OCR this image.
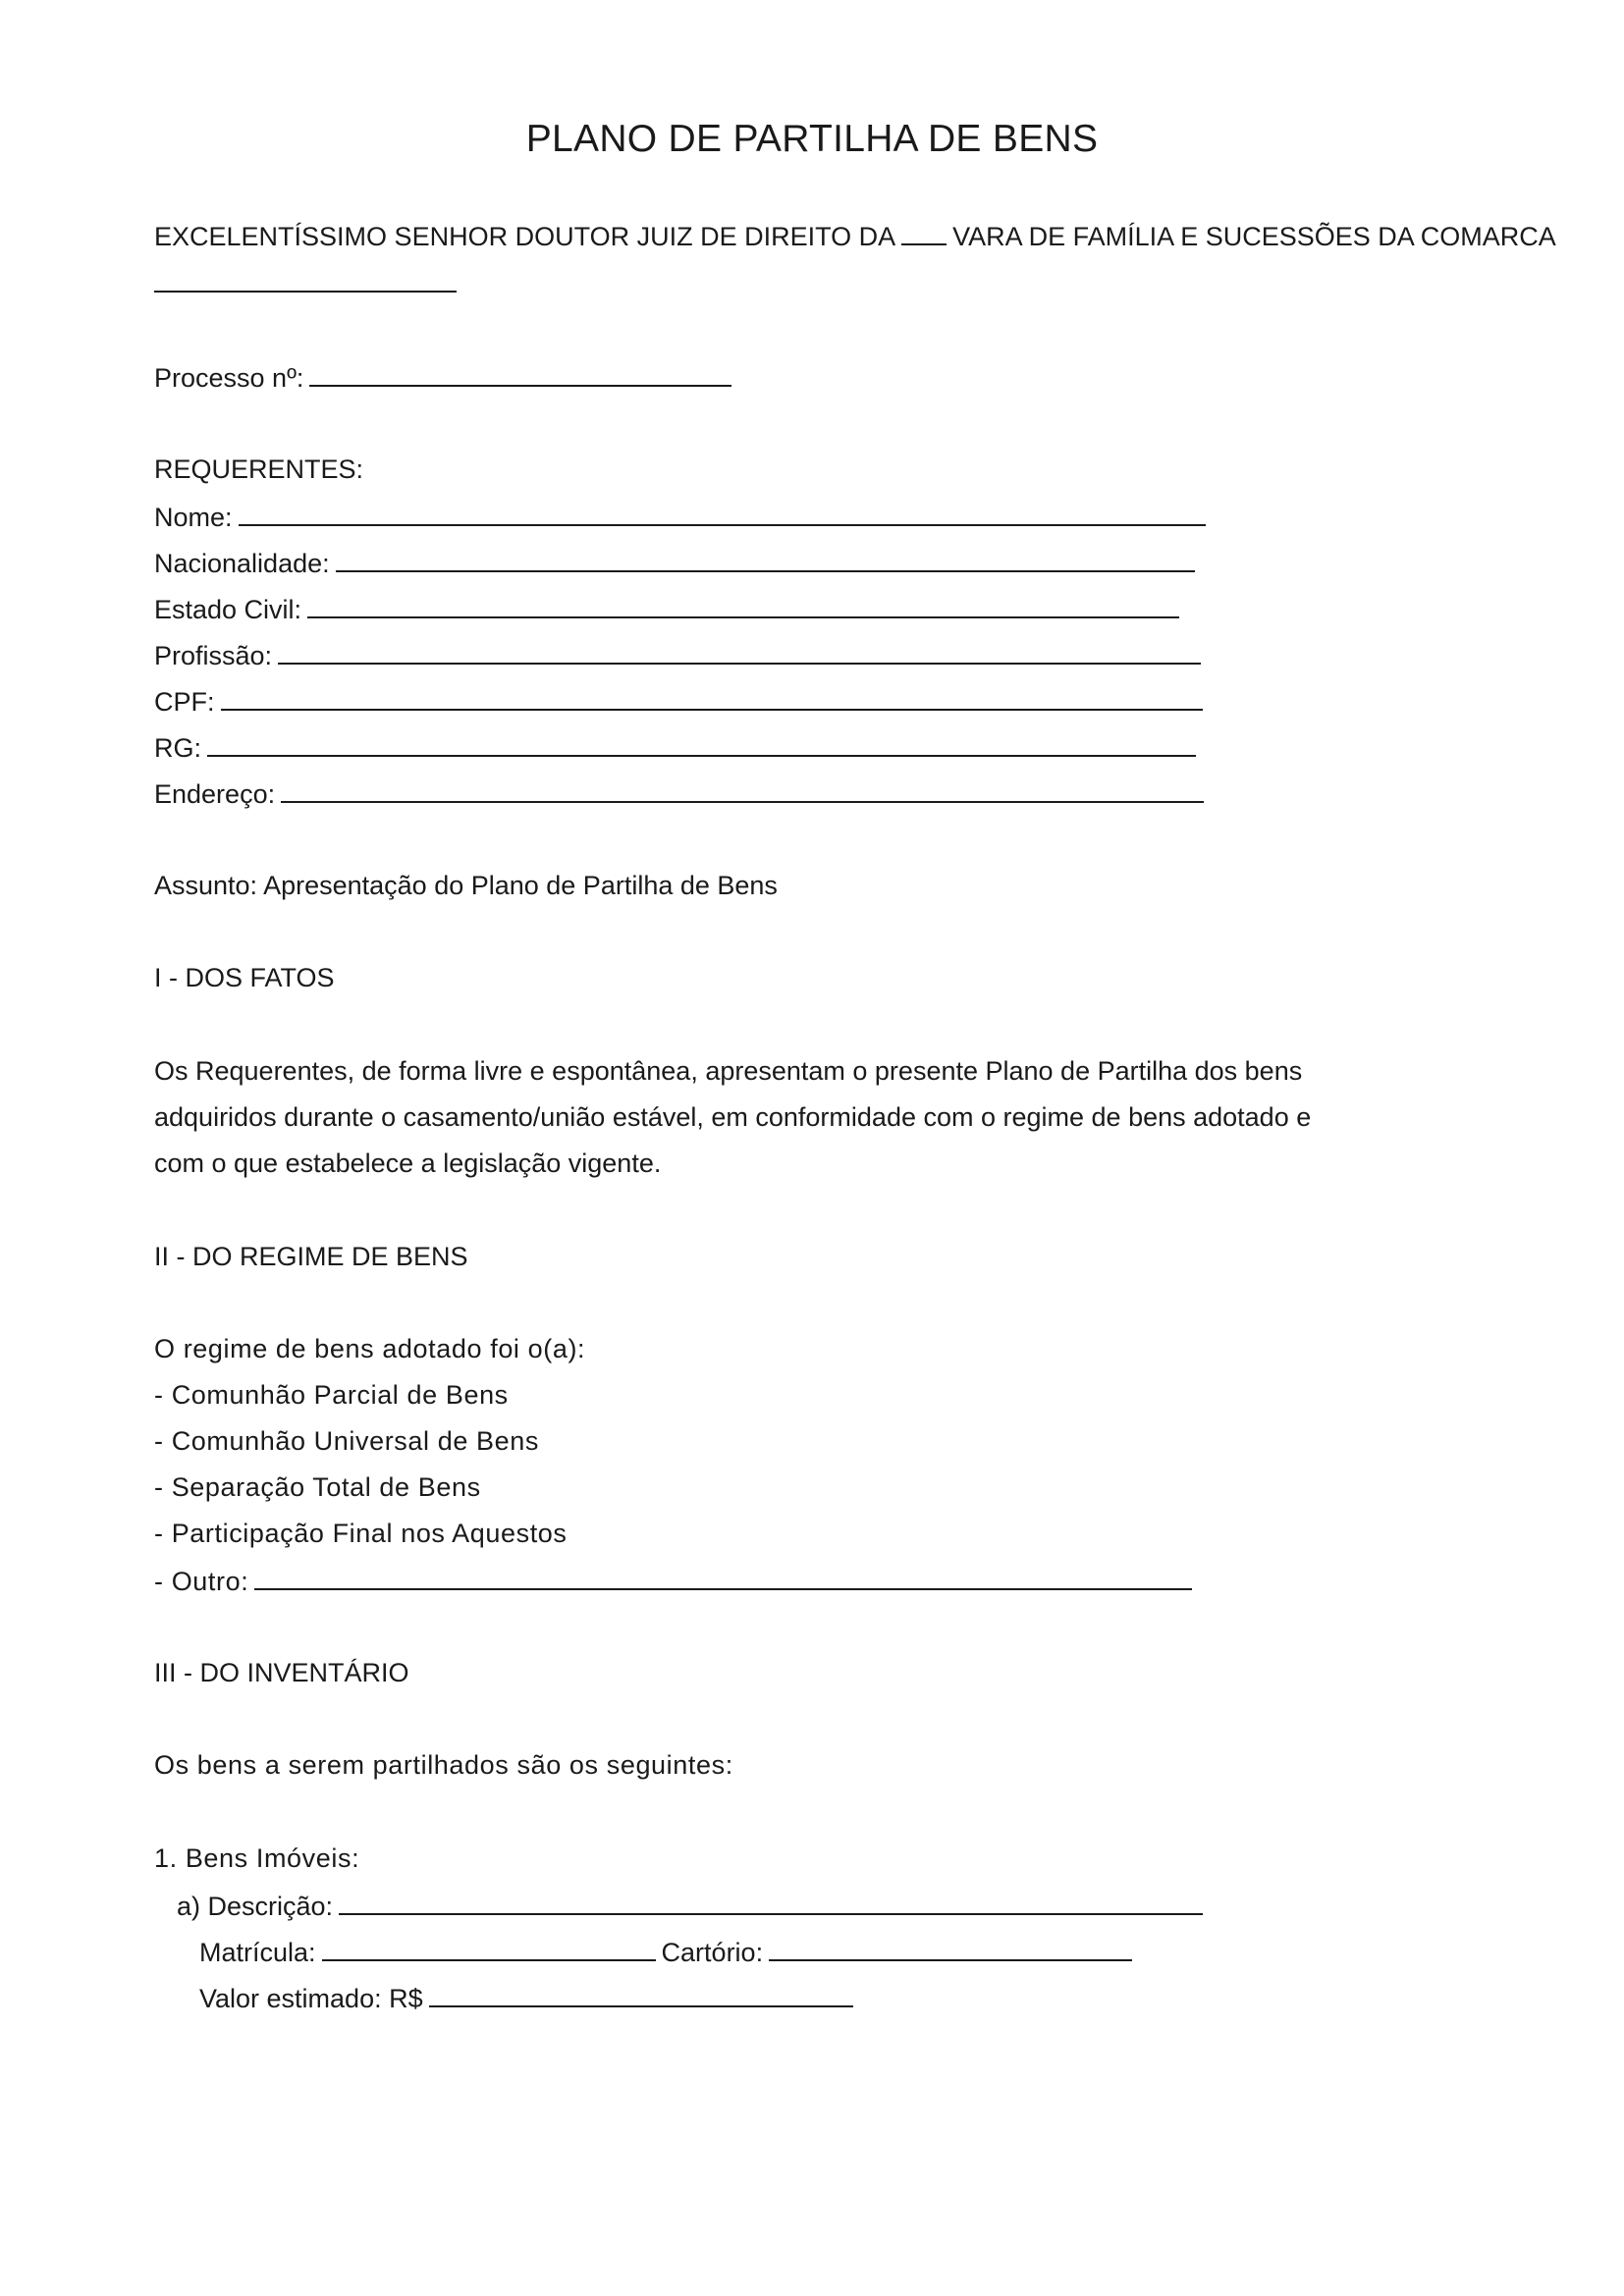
PLANO DE PARTILHA DE BENS

EXCELENTÍSSIMO SENHOR DOUTOR JUIZ DE DIREITO DA VARA DE FAMÍLIA E SUCESSÕES DA COMARCA

Processo nº:

REQUERENTES:

Nome:

Nacionalidade:

Estado Civil:

Profissão:

CPF:

RG:

Endereço:

Assunto: Apresentação do Plano de Partilha de Bens

I - DOS FATOS

Os Requerentes, de forma livre e espontânea, apresentam o presente Plano de Partilha dos bens

adquiridos durante o casamento/união estável, em conformidade com o regime de bens adotado e

com o que estabelece a legislação vigente.

II - DO REGIME DE BENS

O regime de bens adotado foi o(a):

- Comunhão Parcial de Bens

- Comunhão Universal de Bens

- Separação Total de Bens

- Participação Final nos Aquestos

- Outro:

III - DO INVENTÁRIO

Os bens a serem partilhados são os seguintes:

1. Bens Imóveis:

a) Descrição:

Matrícula:	Cartório:

Valor estimado: R$
